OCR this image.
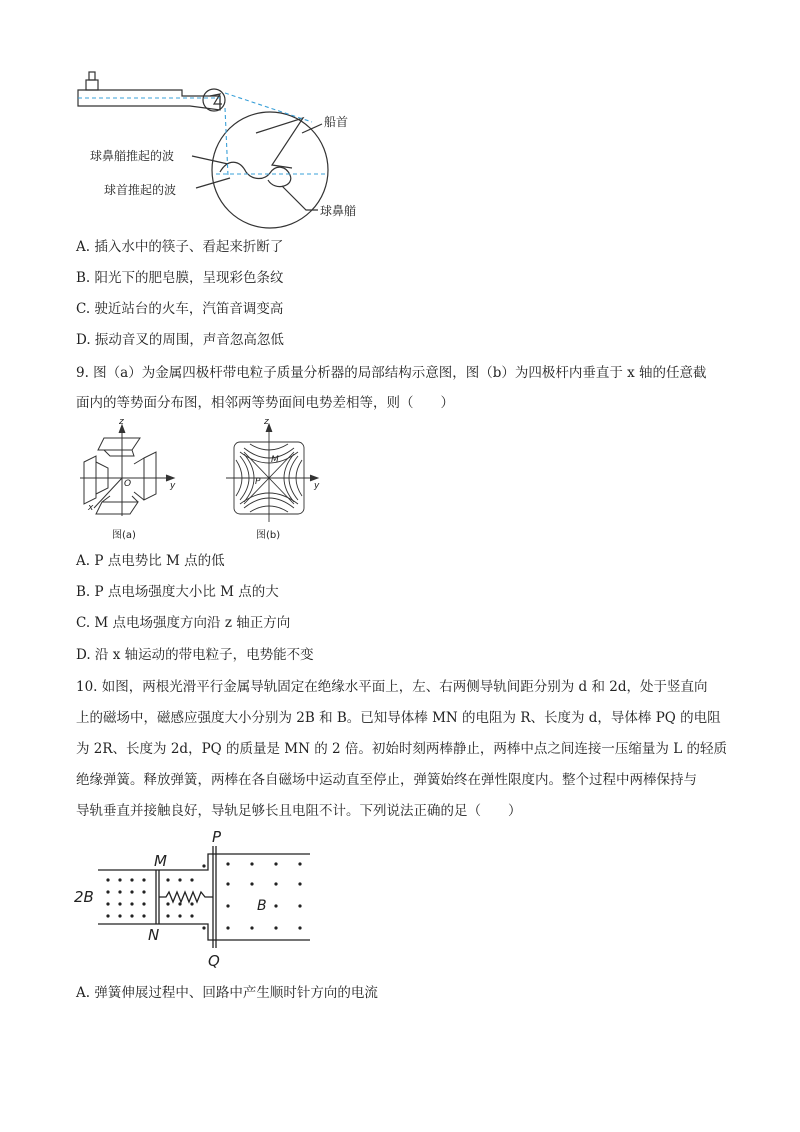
船首
球鼻艏推起的波
球首推起的波
球鼻艏
A. 插入水中的筷子、看起来折断了
B. 阳光下的肥皂膜，呈现彩色条纹
C. 驶近站台的火车，汽笛音调变高
D. 振动音叉的周围，声音忽高忽低
9. 图（a）为金属四极杆带电粒子质量分析器的局部结构示意图，图（b）为四极杆内垂直于 x 轴的任意截
面内的等势面分布图，相邻两等势面间电势差相等，则（　　）
z
y
x
O
图(a)
z
y
M
P
图(b)
A. P 点电势比 M 点的低
B. P 点电场强度大小比 M 点的大
C. M 点电场强度方向沿 z 轴正方向
D. 沿 x 轴运动的带电粒子，电势能不变
10. 如图，两根光滑平行金属导轨固定在绝缘水平面上，左、右两侧导轨间距分别为 d 和 2d，处于竖直向
上的磁场中，磁感应强度大小分别为 2B 和 B。已知导体棒 MN 的电阻为 R、长度为 d，导体棒 PQ 的电阻
为 2R、长度为 2d，PQ 的质量是 MN 的 2 倍。初始时刻两棒静止，两棒中点之间连接一压缩量为 L 的轻质
绝缘弹簧。释放弹簧，两棒在各自磁场中运动直至停止，弹簧始终在弹性限度内。整个过程中两棒保持与
导轨垂直并接触良好，导轨足够长且电阻不计。下列说法正确的足（　　）
M
N
P
Q
2B	B
A. 弹簧伸展过程中、回路中产生顺时针方向的电流
